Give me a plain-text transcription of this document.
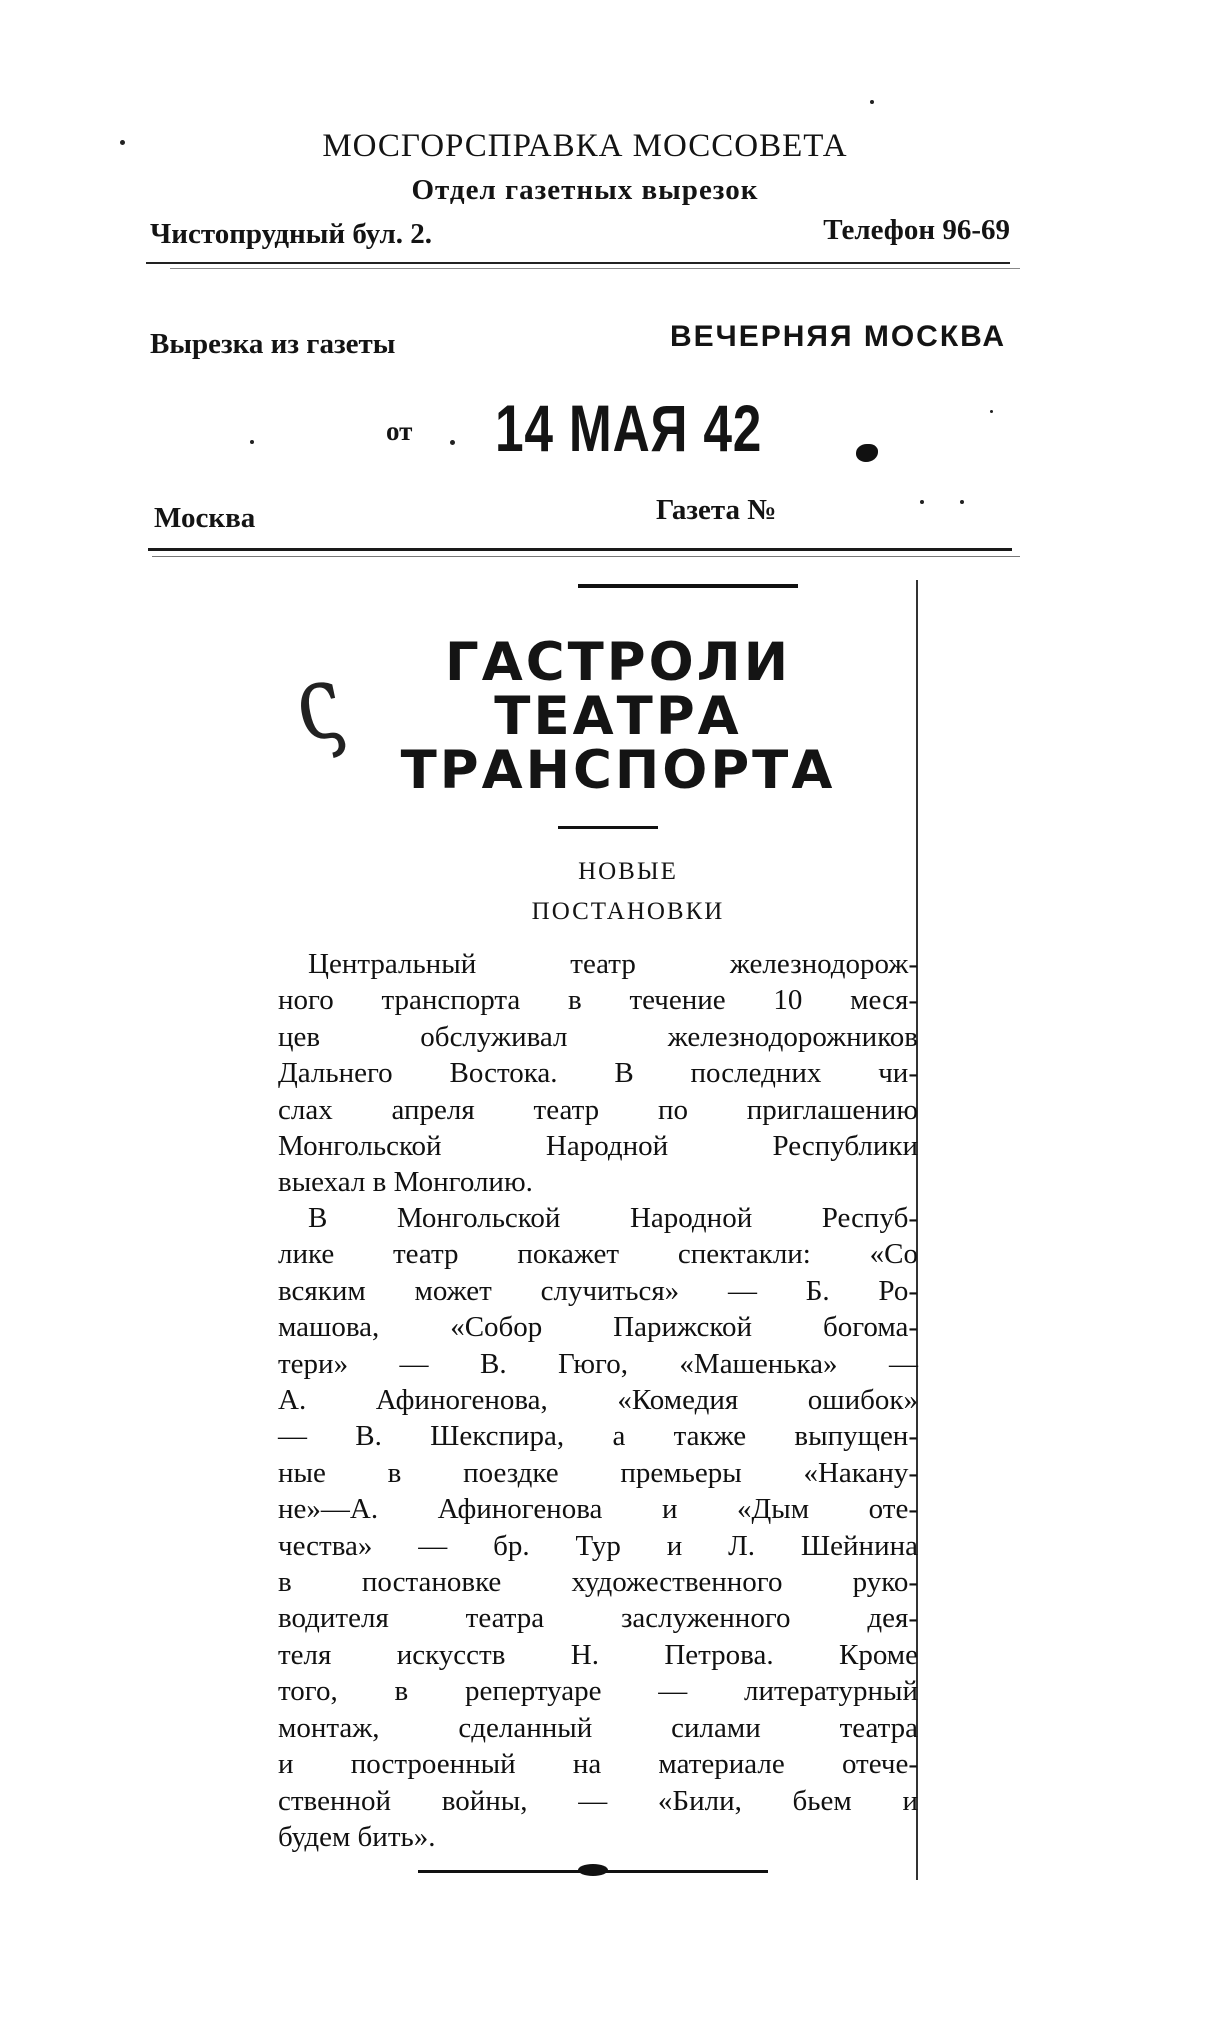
МОСГОРСПРАВКА МОССОВЕТА
Отдел газетных вырезок
Чистопрудный бул. 2.	Телефон 96-69
Вырезка из газеты	ВЕЧЕРНЯЯ МОСКВА
от 14 МАЯ 42
Москва	Газета №
ς	ГАСТРОЛИ
ТЕАТРА
ТРАНСПОРТА
НОВЫЕ
ПОСТАНОВКИ
Центральный театр железнодорож-
ного транспорта в течение 10 меся-
цев обслуживал железнодорожников
Дальнего Востока. В последних чи-
слах апреля театр по приглашению
Монгольской Народной Республики
выехал в Монголию.
В Монгольской Народной Респуб-
лике театр покажет спектакли: «Со
всяким может случиться» — Б. Ро-
машова, «Собор Парижской богома-
тери» — В. Гюго, «Машенька» —
А. Афиногенова, «Комедия ошибок»
— В. Шекспира, а также выпущен-
ные в поездке премьеры «Накану-
не»—А. Афиногенова и «Дым оте-
чества» — бр. Тур и Л. Шейнина
в постановке художественного руко-
водителя театра заслуженного дея-
теля искусств Н. Петрова. Кроме
того, в репертуаре — литературный
монтаж, сделанный силами театра
и построенный на материале отече-
ственной войны, — «Били, бьем и
будем бить».
